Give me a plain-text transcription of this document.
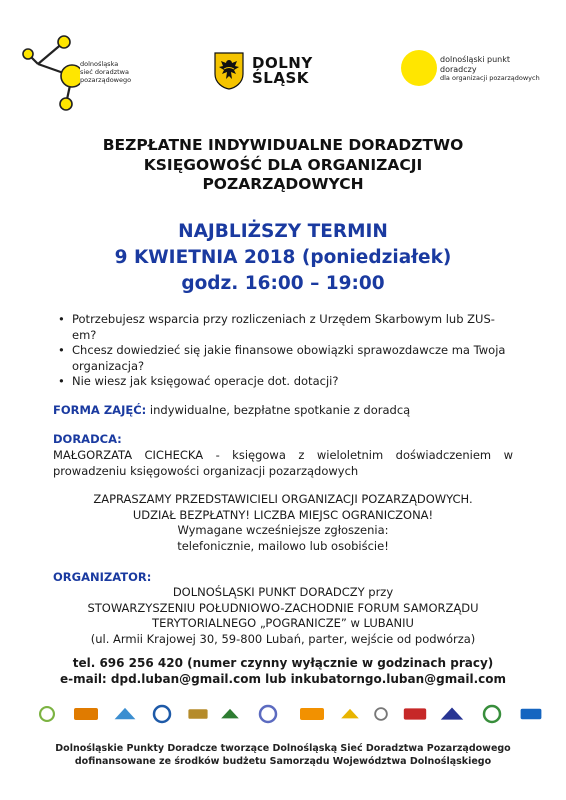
dolnośląska
sieć doradztwa
pozarządowego
DOLNY
ŚLĄSK
dolnośląski punkt
doradczy
dla organizacji pozarządowych
BEZPŁATNE INDYWIDUALNE DORADZTWO
KSIĘGOWOŚĆ DLA ORGANIZACJI
POZARZĄDOWYCH
NAJBLIŻSZY TERMIN
9 KWIETNIA 2018 (poniedziałek)
godz. 16:00 – 19:00
• Potrzebujesz wsparcia przy rozliczeniach z Urzędem Skarbowym lub ZUS-em?
• Chcesz dowiedzieć się jakie finansowe obowiązki sprawozdawcze ma Twoja organizacja?
• Nie wiesz jak księgować operacje dot. dotacji?
FORMA ZAJĘĆ: indywidualne, bezpłatne spotkanie z doradcą
DORADCA:
MAŁGORZATA CICHECKA - księgowa z wieloletnim doświadczeniem w prowadzeniu księgowości organizacji pozarządowych
ZAPRASZAMY PRZEDSTAWICIELI ORGANIZACJI POZARZĄDOWYCH.
UDZIAŁ BEZPŁATNY! LICZBA MIEJSC OGRANICZONA!
Wymagane wcześniejsze zgłoszenia:
telefonicznie, mailowo lub osobiście!
ORGANIZATOR:
DOLNOŚLĄSKI PUNKT DORADCZY przy
STOWARZYSZENIU POŁUDNIOWO-ZACHODNIE FORUM SAMORZĄDU
TERYTORIALNEGO „POGRANICZE” w LUBANIU
(ul. Armii Krajowej 30, 59-800 Lubań, parter, wejście od podwórza)
tel. 696 256 420 (numer czynny wyłącznie w godzinach pracy)
e-mail: dpd.luban@gmail.com lub inkubatorngo.luban@gmail.com
Dolnośląskie Punkty Doradcze tworzące Dolnośląską Sieć Doradztwa Pozarządowego
dofinansowane ze środków budżetu Samorządu Województwa Dolnośląskiego
